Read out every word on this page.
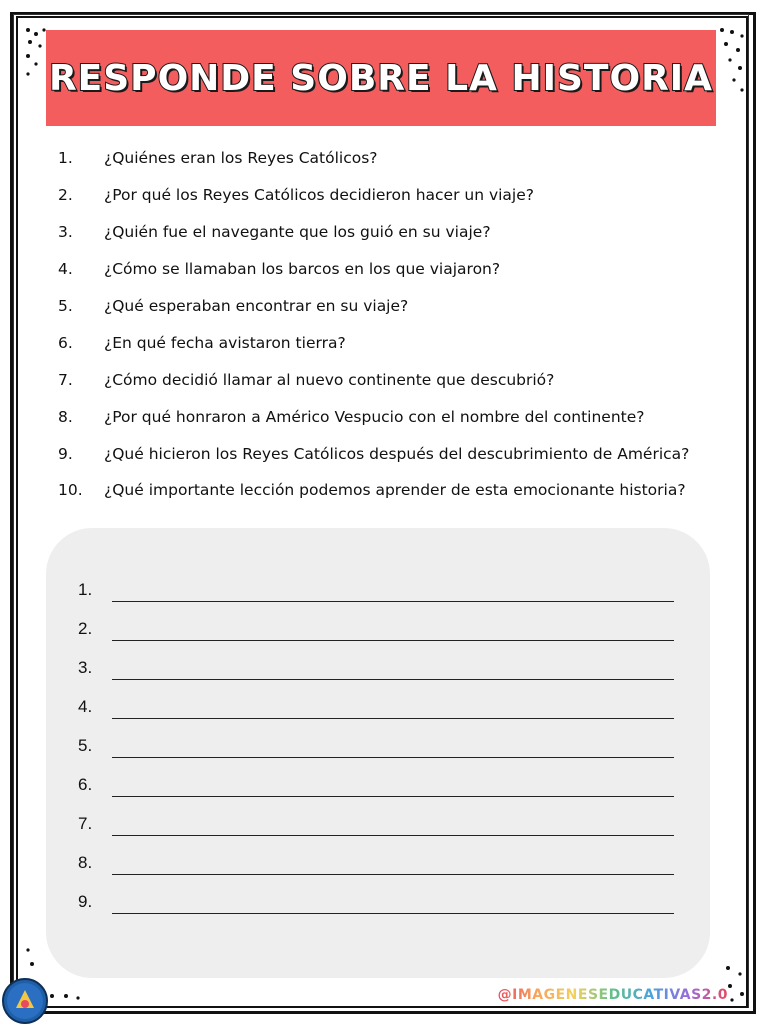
RESPONDE SOBRE LA HISTORIA
1.	¿Quiénes eran los Reyes Católicos?
2.	¿Por qué los Reyes Católicos decidieron hacer un viaje?
3.	¿Quién fue el navegante que los guió en su viaje?
4.	¿Cómo se llamaban los barcos en los que viajaron?
5.	¿Qué esperaban encontrar en su viaje?
6.	¿En qué fecha avistaron tierra?
7.	¿Cómo decidió llamar al nuevo continente que descubrió?
8.	¿Por qué honraron a Américo Vespucio con el nombre del continente?
9.	¿Qué hicieron los Reyes Católicos después del descubrimiento de América?
10.	¿Qué importante lección podemos aprender de esta emocionante historia?
1.
2.
3.
4.
5.
6.
7.
8.
9.
@IMAGENESEDUCATIVAS2.0
